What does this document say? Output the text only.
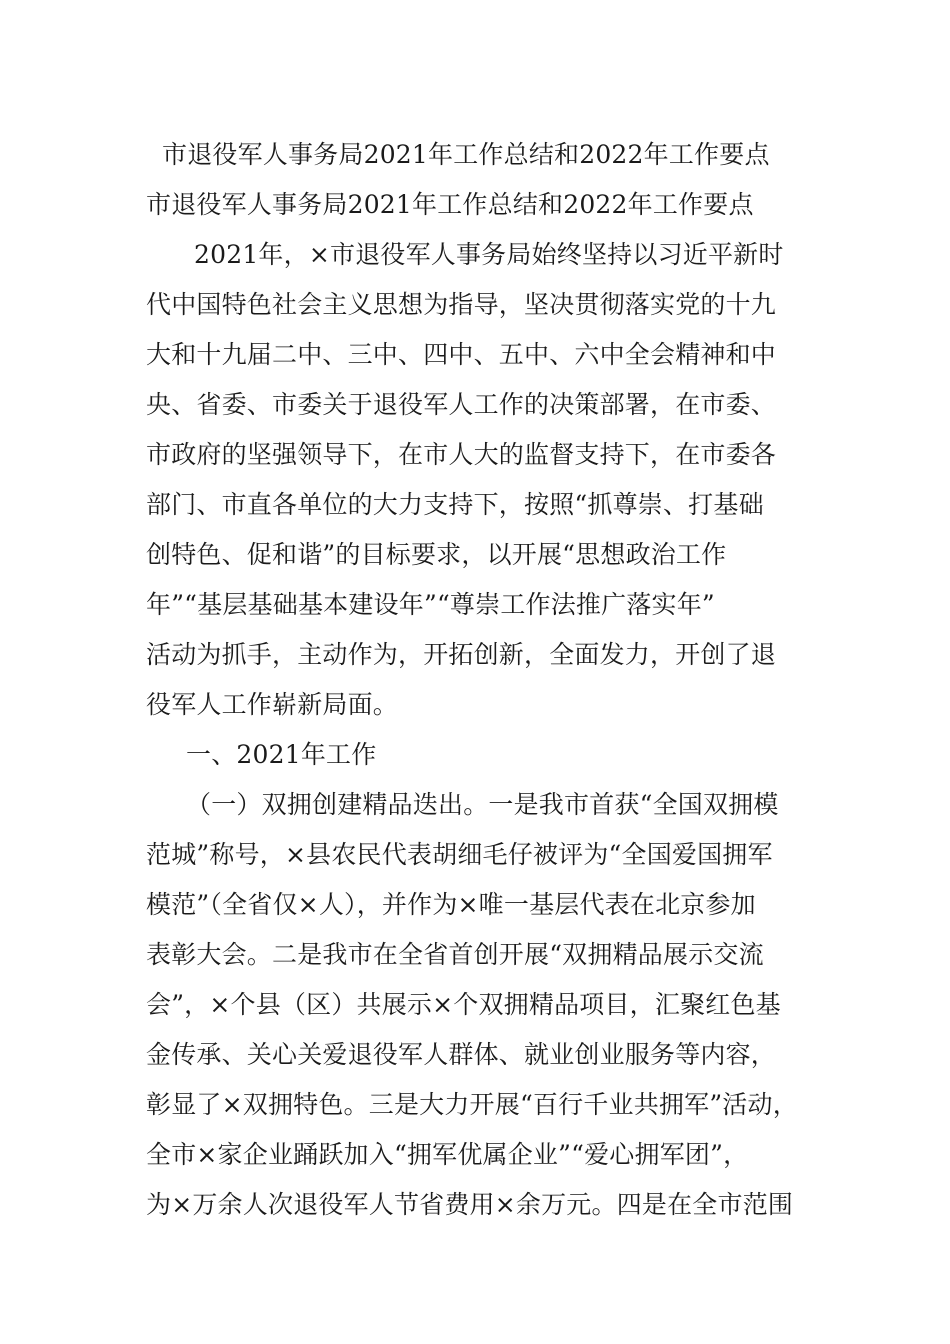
市退役军人事务局2021年工作总结和2022年工作要点
市退役军人事务局2021年工作总结和2022年工作要点
2021年，×市退役军人事务局始终坚持以习近平新时
代中国特色社会主义思想为指导，坚决贯彻落实党的十九
大和十九届二中、三中、四中、五中、六中全会精神和中
央、省委、市委关于退役军人工作的决策部署，在市委、
市政府的坚强领导下，在市人大的监督支持下，在市委各
部门、市直各单位的大力支持下，按照“抓尊崇、打基础
创特色、促和谐”的目标要求，以开展“思想政治工作
年”“基层基础基本建设年”“尊崇工作法推广落实年”
活动为抓手，主动作为，开拓创新，全面发力，开创了退
役军人工作崭新局面。
一、2021年工作
（一）双拥创建精品迭出。一是我市首获“全国双拥模
范城”称号，×县农民代表胡细毛仔被评为“全国爱国拥军
模范”（全省仅×人），并作为×唯一基层代表在北京参加
表彰大会。二是我市在全省首创开展“双拥精品展示交流
会”，×个县（区）共展示×个双拥精品项目，汇聚红色基
金传承、关心关爱退役军人群体、就业创业服务等内容，
彰显了×双拥特色。三是大力开展“百行千业共拥军”活动，
全市×家企业踊跃加入“拥军优属企业”“爱心拥军团”，
为×万余人次退役军人节省费用×余万元。四是在全市范围
